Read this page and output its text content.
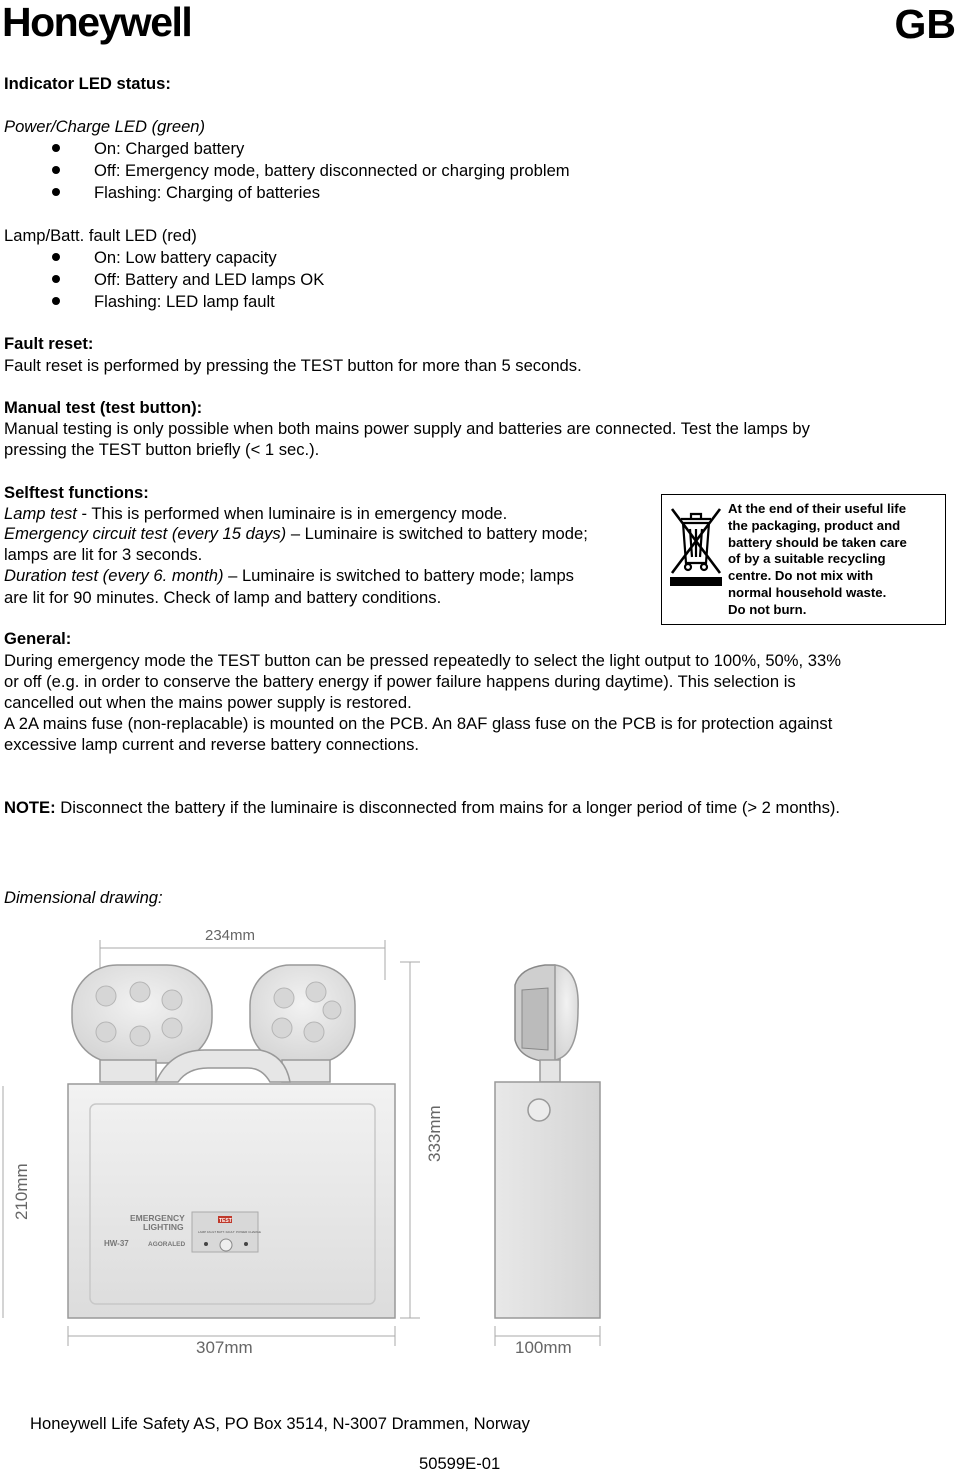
Honeywell	GB
Indicator LED status:
Power/Charge LED (green)
On: Charged battery
Off: Emergency mode, battery disconnected or charging problem
Flashing: Charging of batteries
Lamp/Batt. fault LED (red)
On: Low battery capacity
Off: Battery and LED lamps OK
Flashing: LED lamp fault
Fault reset:
Fault reset is performed by pressing the TEST button for more than 5 seconds.
Manual test (test button):
Manual testing is only possible when both mains power supply and batteries are connected. Test the lamps by
pressing the TEST button briefly (< 1 sec.).
Selftest functions:
Lamp test - This is performed when luminaire is in emergency mode.
Emergency circuit test (every 15 days) – Luminaire is switched to battery mode;
lamps are lit for 3 seconds.
Duration test (every 6. month) – Luminaire is switched to battery mode; lamps
are lit for 90 minutes. Check of lamp and battery conditions.
At the end of their useful life
the packaging, product and
battery should be taken care
of by a suitable recycling
centre. Do not mix with
normal household waste.
Do not burn.
General:
During emergency mode the TEST button can be pressed repeatedly to select the light output to 100%, 50%, 33%
or off (e.g. in order to conserve the battery energy if power failure happens during daytime). This selection is
cancelled out when the mains power supply is restored.
A 2A mains fuse (non-replacable) is mounted on the PCB. An 8AF glass fuse on the PCB is for protection against
excessive lamp current and reverse battery connections.
NOTE: Disconnect the battery if the luminaire is disconnected from mains for a longer period of time (> 2 months).
Dimensional drawing:
234mm
307mm	100mm
333mm
210mm	EMERGENCY
LIGHTING
HW-37	AGORALED
TEST
LAMP FAULT BATT. FAULT POWER CHARGE
Honeywell Life Safety AS, PO Box 3514, N-3007 Drammen, Norway
50599E-01
